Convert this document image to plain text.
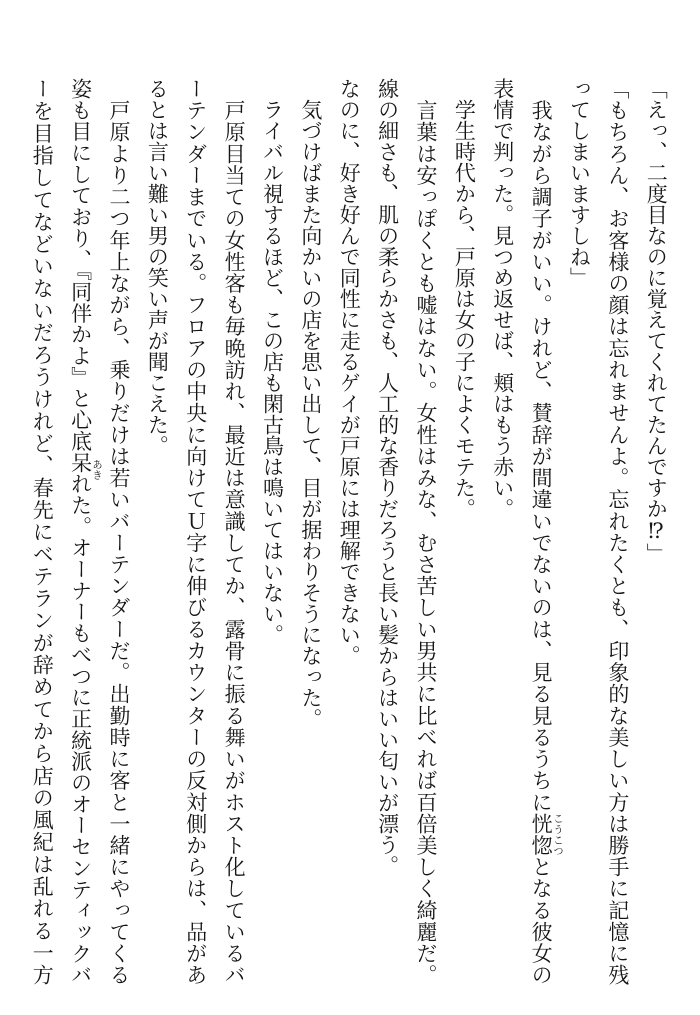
「えっ、二度目なのに覚えてくれてたんですか⁉」
「もちろん、お客様の顔は忘れませんよ。忘れたくとも、印象的な美しい方は勝手に記憶に残
ってしまいますしね」
　我ながら調子がいい。けれど、賛辞が間違いでないのは、見る見るうちに恍惚となる彼女の
表情で判った。見つめ返せば、頬はもう赤い。
　学生時代から、戸原は女の子によくモテた。
　言葉は安っぽくとも嘘はない。女性はみな、むさ苦しい男共に比べれば百倍美しく綺麗だ。
線の細さも、肌の柔らかさも、人工的な香りだろうと長い髪からはいい匂いが漂う。
なのに、好き好んで同性に走るゲイが戸原には理解できない。
　気づけばまた向かいの店を思い出して、目が据わりそうになった。
　ライバル視するほど、この店も閑古鳥は鳴いてはいない。
　戸原目当ての女性客も毎晩訪れ、最近は意識してか、露骨に振る舞いがホスト化しているバ
ーテンダーまでいる。フロアの中央に向けてＵ字に伸びるカウンターの反対側からは、品があ
るとは言い難い男の笑い声が聞こえた。
　戸原より二つ年上ながら、乗りだけは若いバーテンダーだ。出勤時に客と一緒にやってくる
姿も目にしており、『同伴かよ』と心底呆れた。オーナーもべつに正統派のオーセンティックバ
ーを目指してなどいないだろうけれど、春先にベテランが辞めてから店の風紀は乱れる一方	こうこつ
あき
